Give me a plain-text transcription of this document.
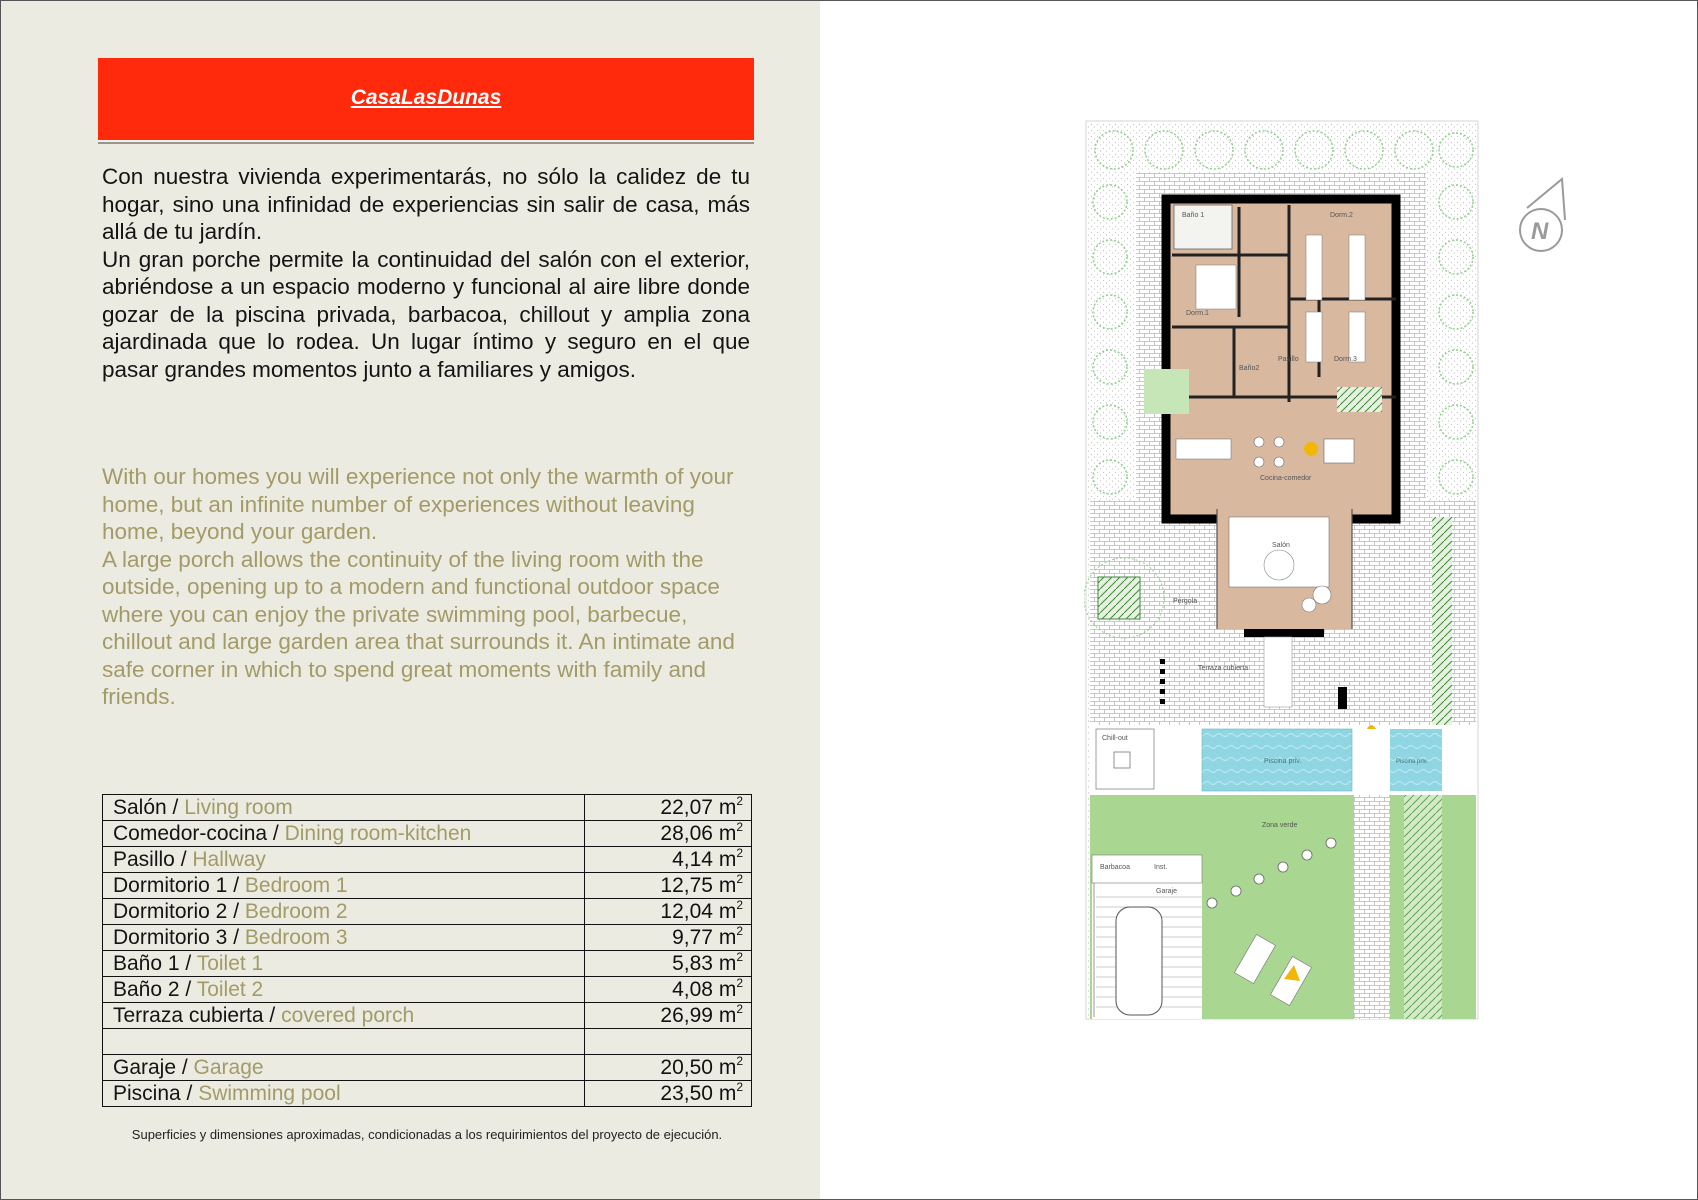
CasaLasDunas

Con nuestra vivienda experimentarás, no sólo la calidez de tu hogar, sino una infinidad de experiencias sin salir de casa, más allá de tu jardín.

Un gran porche permite la continuidad del salón con el exterior, abriéndose a un espacio moderno y funcional al aire libre donde gozar de la piscina privada, barbacoa, chillout y amplia zona ajardinada que lo rodea. Un lugar íntimo y seguro en el que pasar grandes momentos junto a familiares y amigos.

With our homes you will experience not only the warmth of your home, but an infinite number of experiences without leaving home, beyond your garden.

A large porch allows the continuity of the living room with the outside, opening up to a modern and functional outdoor space where you can enjoy the private swimming pool, barbecue, chillout and large garden area that surrounds it. An intimate and safe corner in which to spend great moments with family and friends.

Salón / Living room	22,07 $m^2$
Comedor-cocina / Dining room-kitchen	28,06 $m^2$
Pasillo / Hallway	4,14 $m^2$
Dormitorio 1 / Bedroom 1	12,75 $m^2$
Dormitorio 2 / Bedroom 2	12,04 $m^2$
Dormitorio 3 / Bedroom 3	9,77 $m^2$
Baño 1 / Toilet 1	5,83 $m^2$
Baño 2 / Toilet 2	4,08 $m^2$
Terraza cubierta / covered porch	26,99 $m^2$

Garaje / Garage	20,50 $m^2$
Piscina / Swimming pool	23,50 $m^2$
Superficies y dimensiones aproximadas, condicionadas a los requirimientos del proyecto de ejecución.
Baño 1	Dorm.2
Dorm.1
Pasillo
Baño2
Dorm.3
Cocina-comedor
Salón
Pérgola
Terraza cubierta
Chill-out
Piscina priv.	Piscina priv.
Zona verde
Barbacoa	Inst.
Garaje
N
